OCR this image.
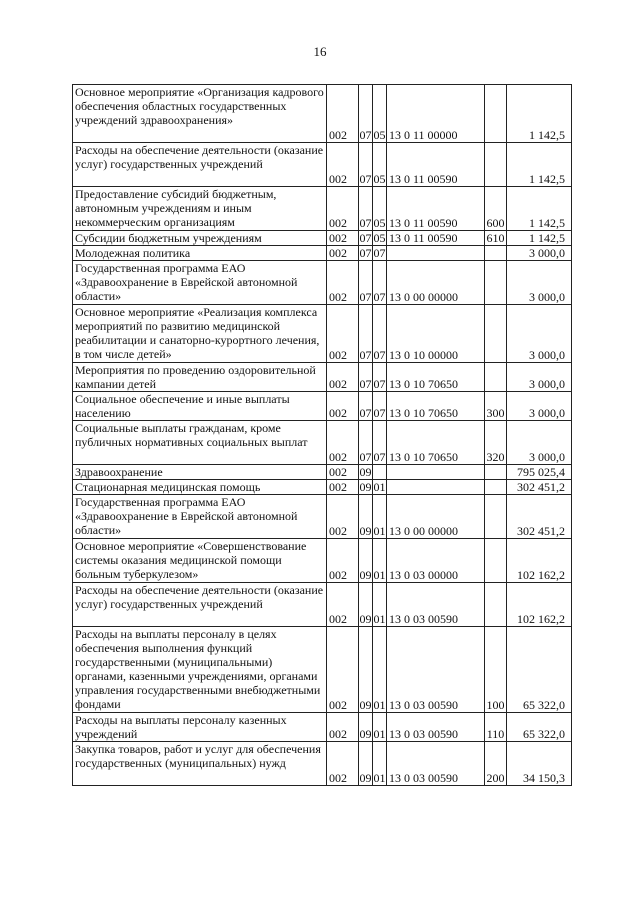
16
Основное мероприятие «Организация кадрового обеспечения областных государственных учреждений здравоохранения»	002	07	05	13 0 11 00000		1 142,5
Расходы на обеспечение деятельности (оказание услуг) государственных учреждений	002	07	05	13 0 11 00590		1 142,5
Предоставление субсидий бюджетным, автономным учреждениям и иным некоммерческим организациям	002	07	05	13 0 11 00590	600	1 142,5
Субсидии бюджетным учреждениям	002	07	05	13 0 11 00590	610	1 142,5
Молодежная политика	002	07	07			3 000,0
Государственная программа ЕАО «Здравоохранение в Еврейской автономной области»	002	07	07	13 0 00 00000		3 000,0
Основное мероприятие «Реализация комплекса мероприятий по развитию медицинской реабилитации и санаторно-курортного лечения, в том числе детей»	002	07	07	13 0 10 00000		3 000,0
Мероприятия по проведению оздоровительной кампании детей	002	07	07	13 0 10 70650		3 000,0
Социальное обеспечение и иные выплаты населению	002	07	07	13 0 10 70650	300	3 000,0
Социальные выплаты гражданам, кроме публичных нормативных социальных выплат	002	07	07	13 0 10 70650	320	3 000,0
Здравоохранение	002	09				795 025,4
Стационарная медицинская помощь	002	09	01			302 451,2
Государственная программа ЕАО «Здравоохранение в Еврейской автономной области»	002	09	01	13 0 00 00000		302 451,2
Основное мероприятие «Совершенствование системы оказания медицинской помощи больным туберкулезом»	002	09	01	13 0 03 00000		102 162,2
Расходы на обеспечение деятельности (оказание услуг) государственных учреждений	002	09	01	13 0 03 00590		102 162,2
Расходы на выплаты персоналу в целях обеспечения выполнения функций государственными (муниципальными) органами, казенными учреждениями, органами управления государственными внебюджетными фондами	002	09	01	13 0 03 00590	100	65 322,0
Расходы на выплаты персоналу казенных учреждений	002	09	01	13 0 03 00590	110	65 322,0
Закупка товаров, работ и услуг для обеспечения государственных (муниципальных) нужд	002	09	01	13 0 03 00590	200	34 150,3
